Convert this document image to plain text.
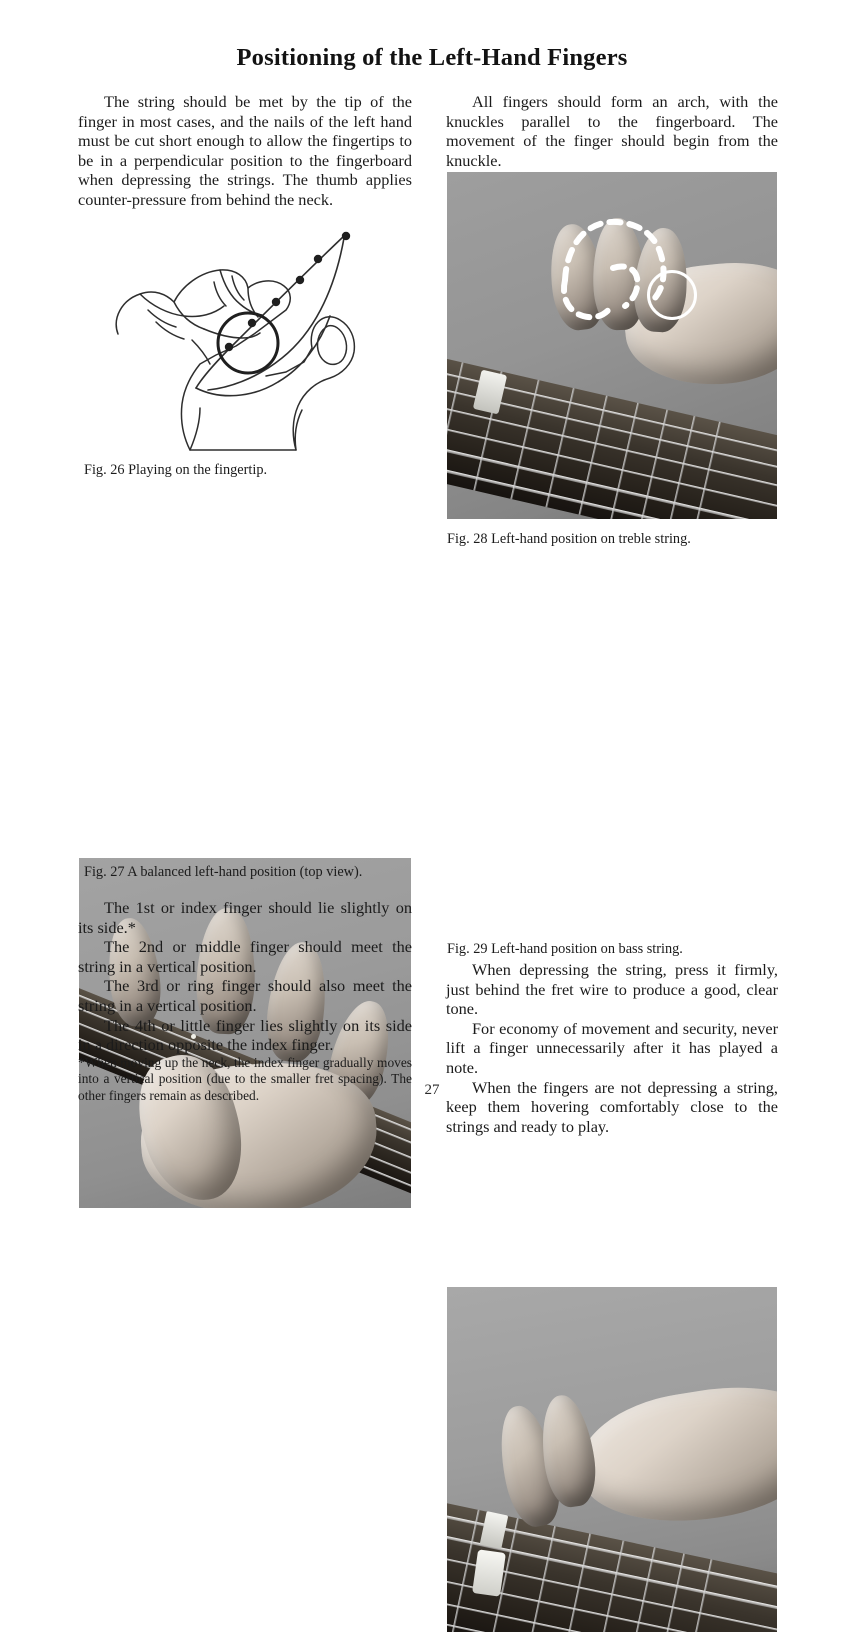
Positioning of the Left-Hand Fingers

The string should be met by the tip of the finger in most cases, and the nails of the left hand must be cut short enough to allow the fingertips to be in a perpendicular position to the fingerboard when depressing the strings. The thumb applies counter-pressure from behind the neck.

All fingers should form an arch, with the knuckles parallel to the fingerboard. The movement of the finger should begin from the knuckle.

Fig. 26 Playing on the fingertip.

Fig. 28 Left-hand position on treble string.

Fig. 27 A balanced left-hand position (top view).

Fig. 29 Left-hand position on bass string.

The 1st or index finger should lie slightly on its side.*

The 2nd or middle finger should meet the string in a vertical position.

The 3rd or ring finger should also meet the string in a vertical position.

The 4th or little finger lies slightly on its side in a direction opposite the index finger.

*When moving up the neck, the index finger gradually moves into a vertical position (due to the smaller fret spacing). The other fingers remain as described.

When depressing the string, press it firmly, just behind the fret wire to produce a good, clear tone.

For economy of movement and security, never lift a finger unnecessarily after it has played a note.

When the fingers are not depressing a string, keep them hovering comfortably close to the strings and ready to play.

27
